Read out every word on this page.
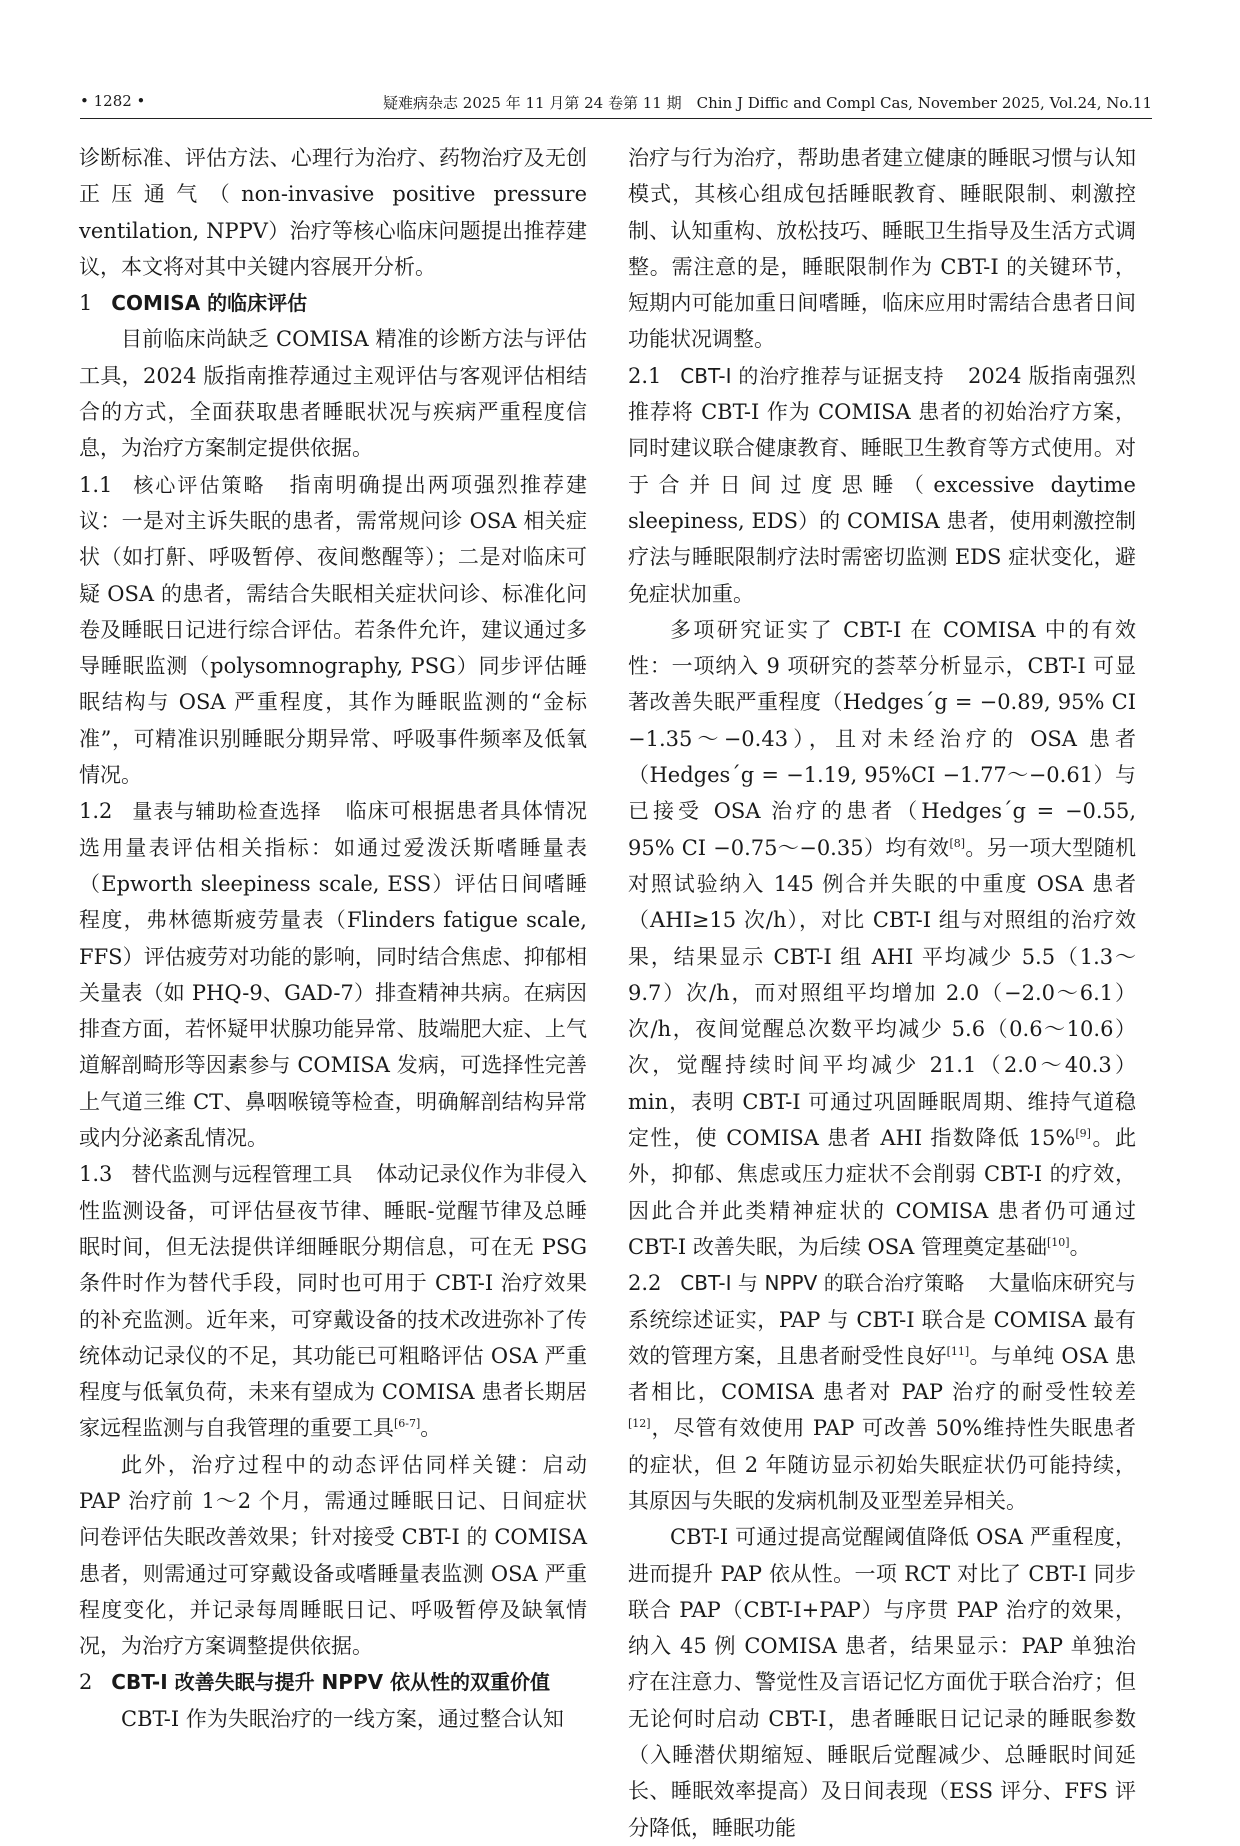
• 1282 •	疑难病杂志 2025 年 11 月第 24 卷第 11 期　Chin J Diffic and Compl Cas, November 2025, Vol.24, No.11

诊断标准、评估方法、心理行为治疗、药物治疗及无创正压通气（non-invasive positive pressure ventilation, NPPV）治疗等核心临床问题提出推荐建议，本文将对其中关键内容展开分析。

1 COMISA 的临床评估

目前临床尚缺乏 COMISA 精准的诊断方法与评估工具，2024 版指南推荐通过主观评估与客观评估相结合的方式，全面获取患者睡眠状况与疾病严重程度信息，为治疗方案制定提供依据。

1.1 核心评估策略 指南明确提出两项强烈推荐建议：一是对主诉失眠的患者，需常规问诊 OSA 相关症状（如打鼾、呼吸暂停、夜间憋醒等）；二是对临床可疑 OSA 的患者，需结合失眠相关症状问诊、标准化问卷及睡眠日记进行综合评估。若条件允许，建议通过多导睡眠监测（polysomnography, PSG）同步评估睡眠结构与 OSA 严重程度，其作为睡眠监测的“金标准”，可精准识别睡眠分期异常、呼吸事件频率及低氧情况。

1.2 量表与辅助检查选择 临床可根据患者具体情况选用量表评估相关指标：如通过爱泼沃斯嗜睡量表（Epworth sleepiness scale, ESS）评估日间嗜睡程度，弗林德斯疲劳量表（Flinders fatigue scale, FFS）评估疲劳对功能的影响，同时结合焦虑、抑郁相关量表（如 PHQ-9、GAD-7）排查精神共病。在病因排查方面，若怀疑甲状腺功能异常、肢端肥大症、上气道解剖畸形等因素参与 COMISA 发病，可选择性完善上气道三维 CT、鼻咽喉镜等检查，明确解剖结构异常或内分泌紊乱情况。

1.3 替代监测与远程管理工具 体动记录仪作为非侵入性监测设备，可评估昼夜节律、睡眠-觉醒节律及总睡眠时间，但无法提供详细睡眠分期信息，可在无 PSG 条件时作为替代手段，同时也可用于 CBT-I 治疗效果的补充监测。近年来，可穿戴设备的技术改进弥补了传统体动记录仪的不足，其功能已可粗略评估 OSA 严重程度与低氧负荷，未来有望成为 COMISA 患者长期居家远程监测与自我管理的重要工具[6-7]。

此外，治疗过程中的动态评估同样关键：启动 PAP 治疗前 1～2 个月，需通过睡眠日记、日间症状问卷评估失眠改善效果；针对接受 CBT-I 的 COMISA 患者，则需通过可穿戴设备或嗜睡量表监测 OSA 严重程度变化，并记录每周睡眠日记、呼吸暂停及缺氧情况，为治疗方案调整提供依据。

2 CBT-I 改善失眠与提升 NPPV 依从性的双重价值

CBT-I 作为失眠治疗的一线方案，通过整合认知

治疗与行为治疗，帮助患者建立健康的睡眠习惯与认知模式，其核心组成包括睡眠教育、睡眠限制、刺激控制、认知重构、放松技巧、睡眠卫生指导及生活方式调整。需注意的是，睡眠限制作为 CBT-I 的关键环节，短期内可能加重日间嗜睡，临床应用时需结合患者日间功能状况调整。

2.1 CBT-I 的治疗推荐与证据支持 2024 版指南强烈推荐将 CBT-I 作为 COMISA 患者的初始治疗方案，同时建议联合健康教育、睡眠卫生教育等方式使用。对于合并日间过度思睡（excessive daytime sleepiness, EDS）的 COMISA 患者，使用刺激控制疗法与睡眠限制疗法时需密切监测 EDS 症状变化，避免症状加重。

多项研究证实了 CBT-I 在 COMISA 中的有效性：一项纳入 9 项研究的荟萃分析显示，CBT-I 可显著改善失眠严重程度（Hedges´g = −0.89, 95% CI −1.35～−0.43），且对未经治疗的 OSA 患者（Hedges´g = −1.19, 95%CI −1.77～−0.61）与已接受 OSA 治疗的患者（Hedges´g = −0.55, 95% CI −0.75～−0.35）均有效[8]。另一项大型随机对照试验纳入 145 例合并失眠的中重度 OSA 患者（AHI≥15 次/h），对比 CBT-I 组与对照组的治疗效果，结果显示 CBT-I 组 AHI 平均减少 5.5（1.3～9.7）次/h，而对照组平均增加 2.0（−2.0～6.1）次/h，夜间觉醒总次数平均减少 5.6（0.6～10.6）次，觉醒持续时间平均减少 21.1（2.0～40.3）min，表明 CBT-I 可通过巩固睡眠周期、维持气道稳定性，使 COMISA 患者 AHI 指数降低 15%[9]。此外，抑郁、焦虑或压力症状不会削弱 CBT-I 的疗效，因此合并此类精神症状的 COMISA 患者仍可通过 CBT-I 改善失眠，为后续 OSA 管理奠定基础[10]。

2.2 CBT-I 与 NPPV 的联合治疗策略 大量临床研究与系统综述证实，PAP 与 CBT-I 联合是 COMISA 最有效的管理方案，且患者耐受性良好[11]。与单纯 OSA 患者相比，COMISA 患者对 PAP 治疗的耐受性较差[12]，尽管有效使用 PAP 可改善 50%维持性失眠患者的症状，但 2 年随访显示初始失眠症状仍可能持续，其原因与失眠的发病机制及亚型差异相关。

CBT-I 可通过提高觉醒阈值降低 OSA 严重程度，进而提升 PAP 依从性。一项 RCT 对比了 CBT-I 同步联合 PAP（CBT-I+PAP）与序贯 PAP 治疗的效果，纳入 45 例 COMISA 患者，结果显示：PAP 单独治疗在注意力、警觉性及言语记忆方面优于联合治疗；但无论何时启动 CBT-I，患者睡眠日记记录的睡眠参数（入睡潜伏期缩短、睡眠后觉醒减少、总睡眠时间延长、睡眠效率提高）及日间表现（ESS 评分、FFS 评分降低，睡眠功能
